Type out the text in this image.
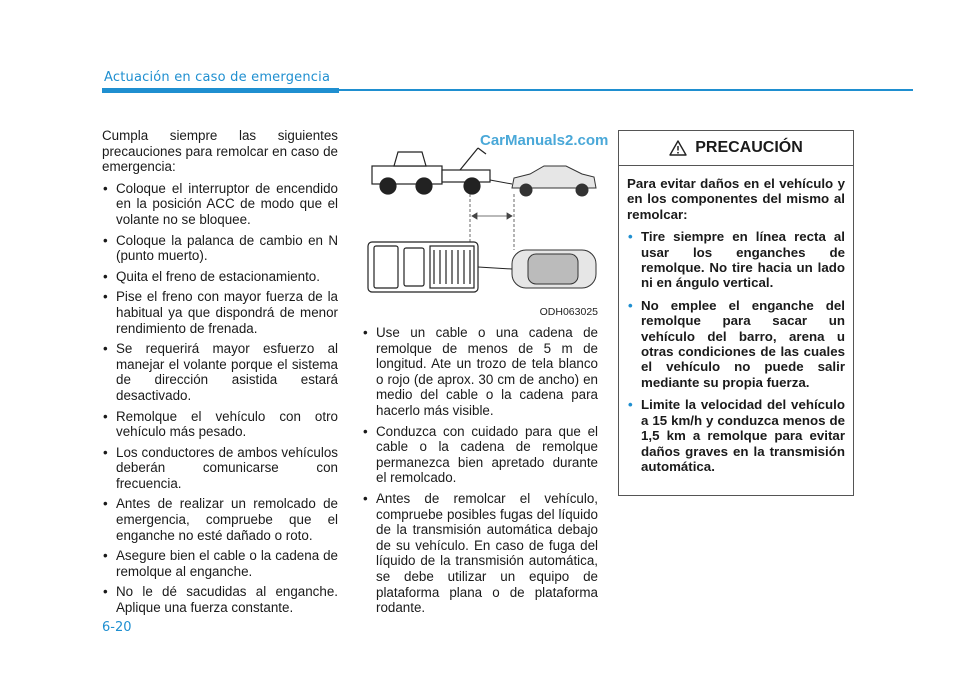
Actuación en caso de emergencia

Cumpla siempre las siguientes precauciones para remolcar en caso de emergencia:

• Coloque el interruptor de encendido en la posición ACC de modo que el volante no se bloquee.
• Coloque la palanca de cambio en N (punto muerto).
• Quita el freno de estacionamiento.
• Pise el freno con mayor fuerza de la habitual ya que dispondrá de menor rendimiento de frenada.
• Se requerirá mayor esfuerzo al manejar el volante porque el sistema de dirección asistida estará desactivado.
• Remolque el vehículo con otro vehículo más pesado.
• Los conductores de ambos vehículos deberán comunicarse con frecuencia.
• Antes de realizar un remolcado de emergencia, compruebe que el enganche no esté dañado o roto.
• Asegure bien el cable o la cadena de remolque al enganche.
• No le dé sacudidas al enganche. Aplique una fuerza constante.
CarManuals2.com
ODH063025
• Use un cable o una cadena de remolque de menos de 5 m de longitud. Ate un trozo de tela blanco o rojo (de aprox. 30 cm de ancho) en medio del cable o la cadena para hacerlo más visible.
• Conduzca con cuidado para que el cable o la cadena de remolque permanezca bien apretado durante el remolcado.
• Antes de remolcar el vehículo, compruebe posibles fugas del líquido de la transmisión automática debajo de su vehículo. En caso de fuga del líquido de la transmisión automática, se debe utilizar un equipo de plataforma plana o de plataforma rodante.
PRECAUCIÓN

Para evitar daños en el vehículo y en los componentes del mismo al remolcar:

• Tire siempre en línea recta al usar los enganches de remolque. No tire hacia un lado ni en ángulo vertical.
• No emplee el enganche del remolque para sacar un vehículo del barro, arena u otras condiciones de las cuales el vehículo no puede salir mediante su propia fuerza.
• Limite la velocidad del vehículo a 15 km/h y conduzca menos de 1,5 km a remolque para evitar daños graves en la transmisión automática.
6-20
